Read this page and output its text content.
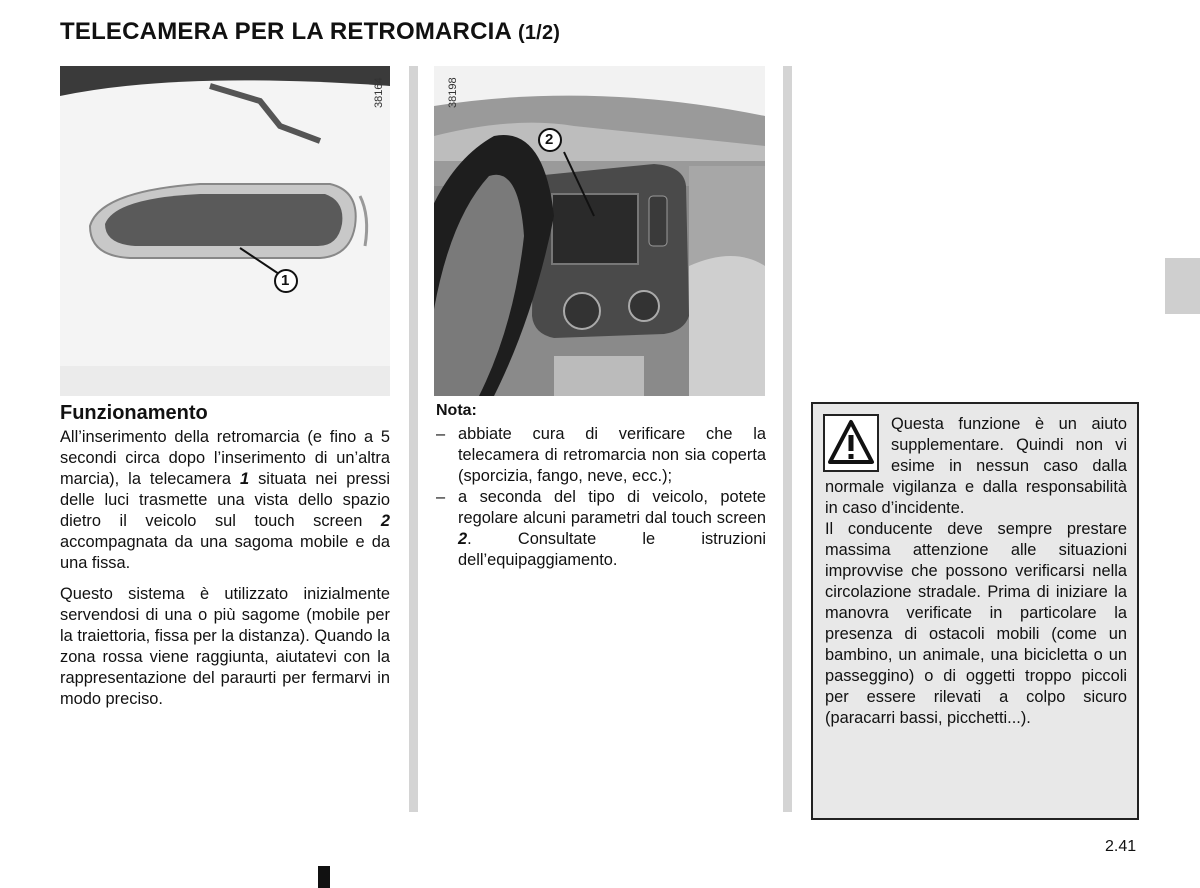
TELECAMERA PER LA RETROMARCIA (1/2)
1
38164
2
38198
Funzionamento

All’inserimento della retromarcia (e fino a 5 secondi circa dopo l’inserimento di un’altra marcia), la telecamera 1 situata nei pressi delle luci trasmette una vista dello spazio dietro il veicolo sul touch screen 2 accompagnata da una sagoma mobile e da una fissa.

Questo sistema è utilizzato inizialmente servendosi di una o più sagome (mobile per la traiettoria, fissa per la distanza). Quando la zona rossa viene raggiunta, aiutatevi con la rappresentazione del paraurti per fermarvi in modo preciso.

Nota:
– abbiate cura di verificare che la telecamera di retromarcia non sia coperta (sporcizia, fango, neve, ecc.);
– a seconda del tipo di veicolo, potete regolare alcuni parametri dal touch screen 2. Consultate le istruzioni dell’equipaggiamento.

Questa funzione è un aiuto supplementare. Quindi non vi esime in nessun caso dalla normale vigilanza e dalla responsabilità in caso d’incidente.
Il conducente deve sempre prestare massima attenzione alle situazioni improvvise che possono verificarsi nella circolazione stradale. Prima di iniziare la manovra verificate in particolare la presenza di ostacoli mobili (come un bambino, un animale, una bicicletta o un passeggino) o di oggetti troppo piccoli per essere rilevati a colpo sicuro (paracarri bassi, picchetti...).

2.41
